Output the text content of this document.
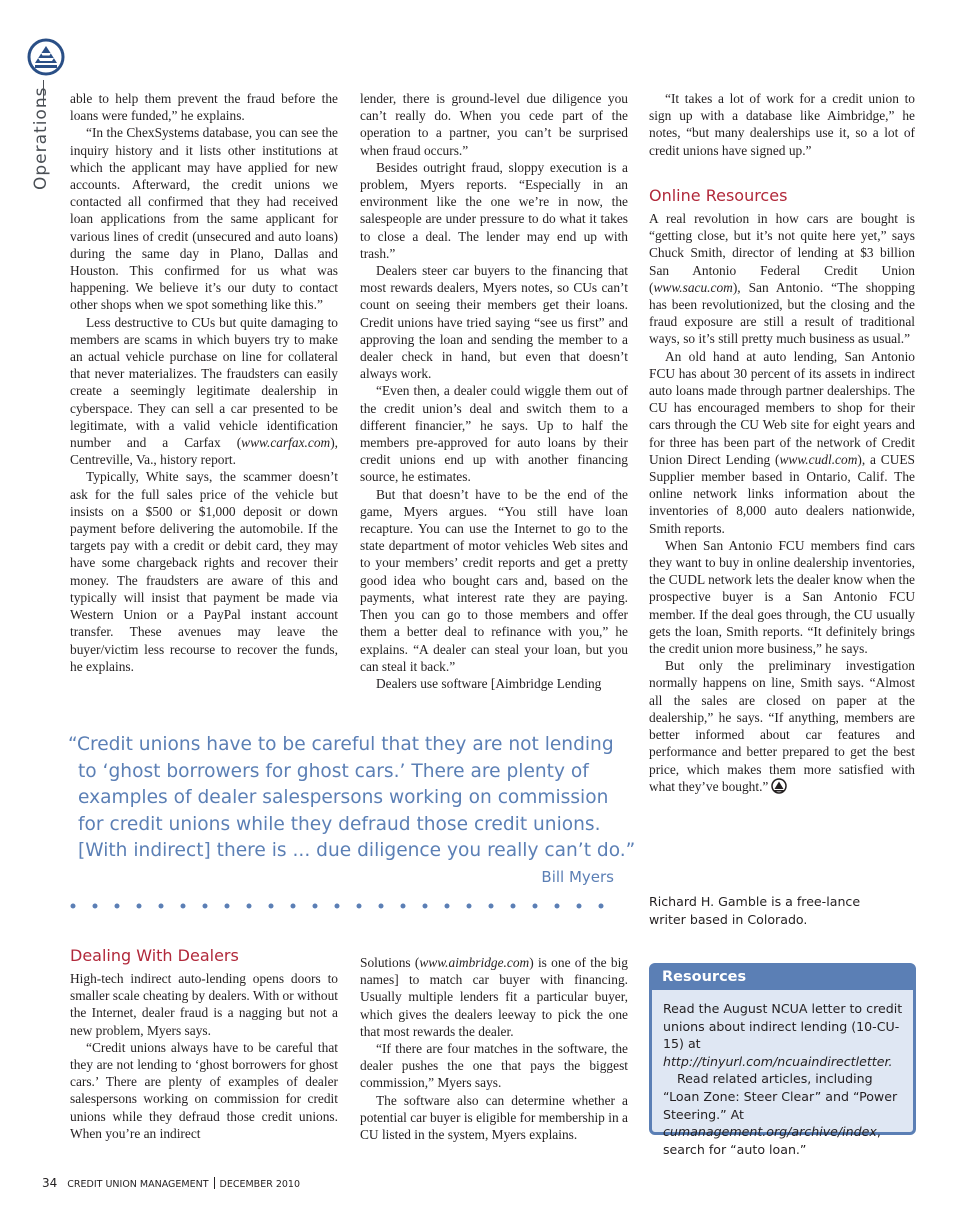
Operations able to help them prevent the fraud before the loans were funded,” he explains.

“In the ChexSystems database, you can see the inquiry history and it lists other institutions at which the applicant may have applied for new accounts. Afterward, the credit unions we contacted all confirmed that they had received loan applications from the same applicant for various lines of credit (unsecured and auto loans) during the same day in Plano, Dallas and Houston. This confirmed for us what was happening. We believe it’s our duty to contact other shops when we spot something like this.”

Less destructive to CUs but quite damaging to members are scams in which buyers try to make an actual vehicle purchase on line for collateral that never materializes. The fraudsters can easily create a seemingly legitimate dealership in cyberspace. They can sell a car presented to be legitimate, with a valid vehicle identification number and a Carfax (www.carfax.com), Centreville, Va., history report.

Typically, White says, the scammer doesn’t ask for the full sales price of the vehicle but insists on a $500 or $1,000 deposit or down payment before delivering the automobile. If the targets pay with a credit or debit card, they may have some chargeback rights and recover their money. The fraudsters are aware of this and typically will insist that payment be made via Western Union or a PayPal instant account transfer. These avenues may leave the buyer/victim less recourse to recover the funds, he explains.

lender, there is ground-level due diligence you can’t really do. When you cede part of the operation to a partner, you can’t be surprised when fraud occurs.”

Besides outright fraud, sloppy execution is a problem, Myers reports. “Especially in an environment like the one we’re in now, the salespeople are under pressure to do what it takes to close a deal. The lender may end up with trash.”

Dealers steer car buyers to the financing that most rewards dealers, Myers notes, so CUs can’t count on seeing their members get their loans. Credit unions have tried saying “see us first” and approving the loan and sending the member to a dealer check in hand, but even that doesn’t always work.

“Even then, a dealer could wiggle them out of the credit union’s deal and switch them to a different financier,” he says. Up to half the members pre-approved for auto loans by their credit unions end up with another financing source, he estimates.

But that doesn’t have to be the end of the game, Myers argues. “You still have loan recapture. You can use the Internet to go to the state department of motor vehicles Web sites and to your members’ credit reports and get a pretty good idea who bought cars and, based on the payments, what interest rate they are paying. Then you can go to those members and offer them a better deal to refinance with you,” he explains. “A dealer can steal your loan, but you can steal it back.”

Dealers use software [Aimbridge Lending

“It takes a lot of work for a credit union to sign up with a database like Aimbridge,” he notes, “but many dealerships use it, so a lot of credit unions have signed up.”

Online Resources

A real revolution in how cars are bought is “getting close, but it’s not quite here yet,” says Chuck Smith, director of lending at $3 billion San Antonio Federal Credit Union (www.sacu.com), San Antonio. “The shopping has been revolutionized, but the closing and the fraud exposure are still a result of traditional ways, so it’s still pretty much business as usual.”

An old hand at auto lending, San Antonio FCU has about 30 percent of its assets in indirect auto loans made through partner dealerships. The CU has encouraged members to shop for their cars through the CU Web site for eight years and for three has been part of the network of Credit Union Direct Lending (www.cudl.com), a CUES Supplier member based in Ontario, Calif. The online network links information about the inventories of 8,000 auto dealers nationwide, Smith reports.

When San Antonio FCU members find cars they want to buy in online dealership inventories, the CUDL network lets the dealer know when the prospective buyer is a San Antonio FCU member. If the deal goes through, the CU usually gets the loan, Smith reports. “It definitely brings the credit union more business,” he says.

But only the preliminary investigation normally happens on line, Smith says. “Almost all the sales are closed on paper at the dealership,” he says. “If anything, members are better informed about car features and performance and better prepared to get the best price, which makes them more satisfied with what they’ve bought.”

“Credit unions have to be careful that they are not lending
to ‘ghost borrowers for ghost cars.’ There are plenty of
examples of dealer salespersons working on commission
for credit unions while they defraud those credit unions.
[With indirect] there is ... due diligence you really can’t do.”
Bill Myers
Richard H. Gamble is a free-lance writer based in Colorado.
Dealing With Dealers

High-tech indirect auto-lending opens doors to smaller scale cheating by dealers. With or without the Internet, dealer fraud is a nagging but not a new problem, Myers says.

“Credit unions always have to be careful that they are not lending to ‘ghost borrowers for ghost cars.’ There are plenty of examples of dealer salespersons working on commission for credit unions while they defraud those credit unions. When you’re an indirect

Solutions (www.aimbridge.com) is one of the big names] to match car buyer with financing. Usually multiple lenders fit a particular buyer, which gives the dealers leeway to pick the one that most rewards the dealer.

“If there are four matches in the software, the dealer pushes the one that pays the biggest commission,” Myers says.

The software also can determine whether a potential car buyer is eligible for membership in a CU listed in the system, Myers explains.

Resources

Read the August NCUA letter to credit unions about indirect lending (10-CU-15) at http://tinyurl.com/ncuaindirectletter.

Read related articles, including “Loan Zone: Steer Clear” and “Power Steering.” At cumanagement.org/archive/index, search for “auto loan.”

34 CREDIT UNION MANAGEMENT DECEMBER 2010
